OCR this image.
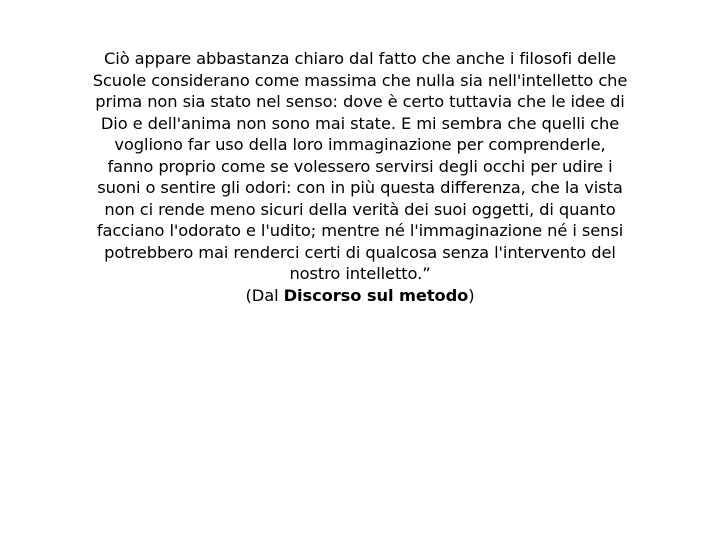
Ciò appare abbastanza chiaro dal fatto che anche i filosofi delle
Scuole considerano come massima che nulla sia nell'intelletto che
prima non sia stato nel senso: dove è certo tuttavia che le idee di
Dio e dell'anima non sono mai state. E mi sembra che quelli che
vogliono far uso della loro immaginazione per comprenderle,
fanno proprio come se volessero servirsi degli occhi per udire i
suoni o sentire gli odori: con in più questa differenza, che la vista
non ci rende meno sicuri della verità dei suoi oggetti, di quanto
facciano l'odorato e l'udito; mentre né l'immaginazione né i sensi
potrebbero mai renderci certi di qualcosa senza l'intervento del
nostro intelletto.”
(Dal Discorso sul metodo)
